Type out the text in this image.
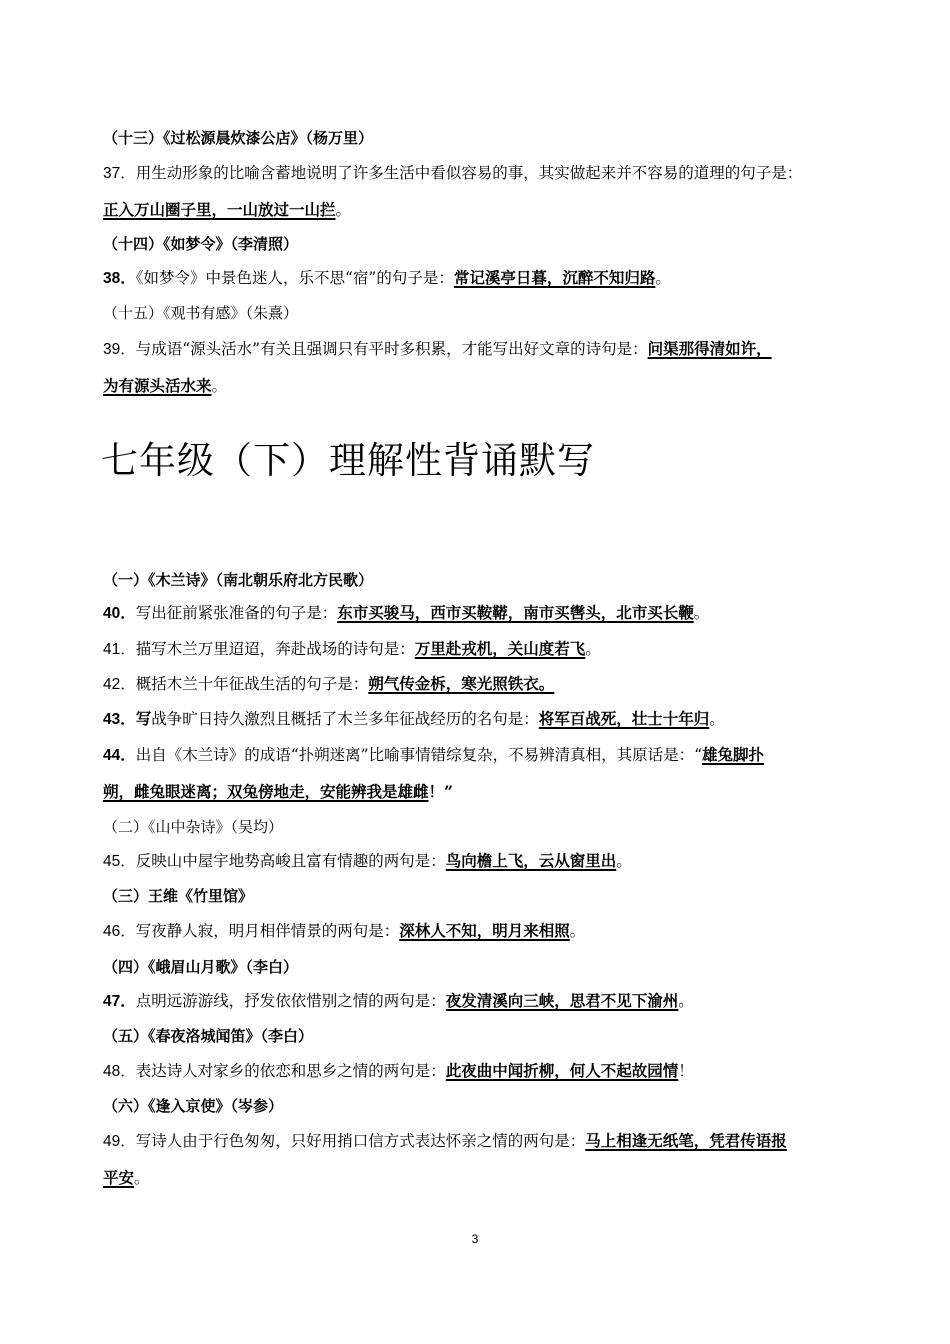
（十三）《过松源晨炊漆公店》（杨万里）
37．用生动形象的比喻含蓄地说明了许多生活中看似容易的事，其实做起来并不容易的道理的句子是：
正入万山圈子里，一山放过一山拦。
（十四）《如梦令》（李清照）
38．《如梦令》中景色迷人，乐不思“宿”的句子是：常记溪亭日暮，沉醉不知归路。
（十五）《观书有感》（朱熹）
39．与成语“源头活水”有关且强调只有平时多积累，才能写出好文章的诗句是：问渠那得清如许，
为有源头活水来。
七年级（下）理解性背诵默写
（一）《木兰诗》（南北朝乐府北方民歌）
40．写出征前紧张准备的句子是：东市买骏马，西市买鞍鞯，南市买辔头，北市买长鞭。
41．描写木兰万里迢迢，奔赴战场的诗句是：万里赴戎机，关山度若飞。
42．概括木兰十年征战生活的句子是：朔气传金柝，寒光照铁衣。
43．写战争旷日持久激烈且概括了木兰多年征战经历的名句是：将军百战死，壮士十年归。
44．出自《木兰诗》的成语“扑朔迷离”比喻事情错综复杂，不易辨清真相，其原话是：“雄兔脚扑
朔，雌兔眼迷离；双兔傍地走，安能辨我是雄雌！”
（二）《山中杂诗》（吴均）
45．反映山中屋宇地势高峻且富有情趣的两句是：鸟向檐上飞，云从窗里出。
（三）王维《竹里馆》
46．写夜静人寂，明月相伴情景的两句是：深林人不知，明月来相照。
（四）《峨眉山月歌》（李白）
47．点明远游游线，抒发依依惜别之情的两句是：夜发清溪向三峡，思君不见下渝州。
（五）《春夜洛城闻笛》（李白）
48．表达诗人对家乡的依恋和思乡之情的两句是：此夜曲中闻折柳，何人不起故园情！
（六）《逢入京使》（岑参）
49．写诗人由于行色匆匆，只好用捎口信方式表达怀亲之情的两句是：马上相逢无纸笔，凭君传语报
平安。
3
